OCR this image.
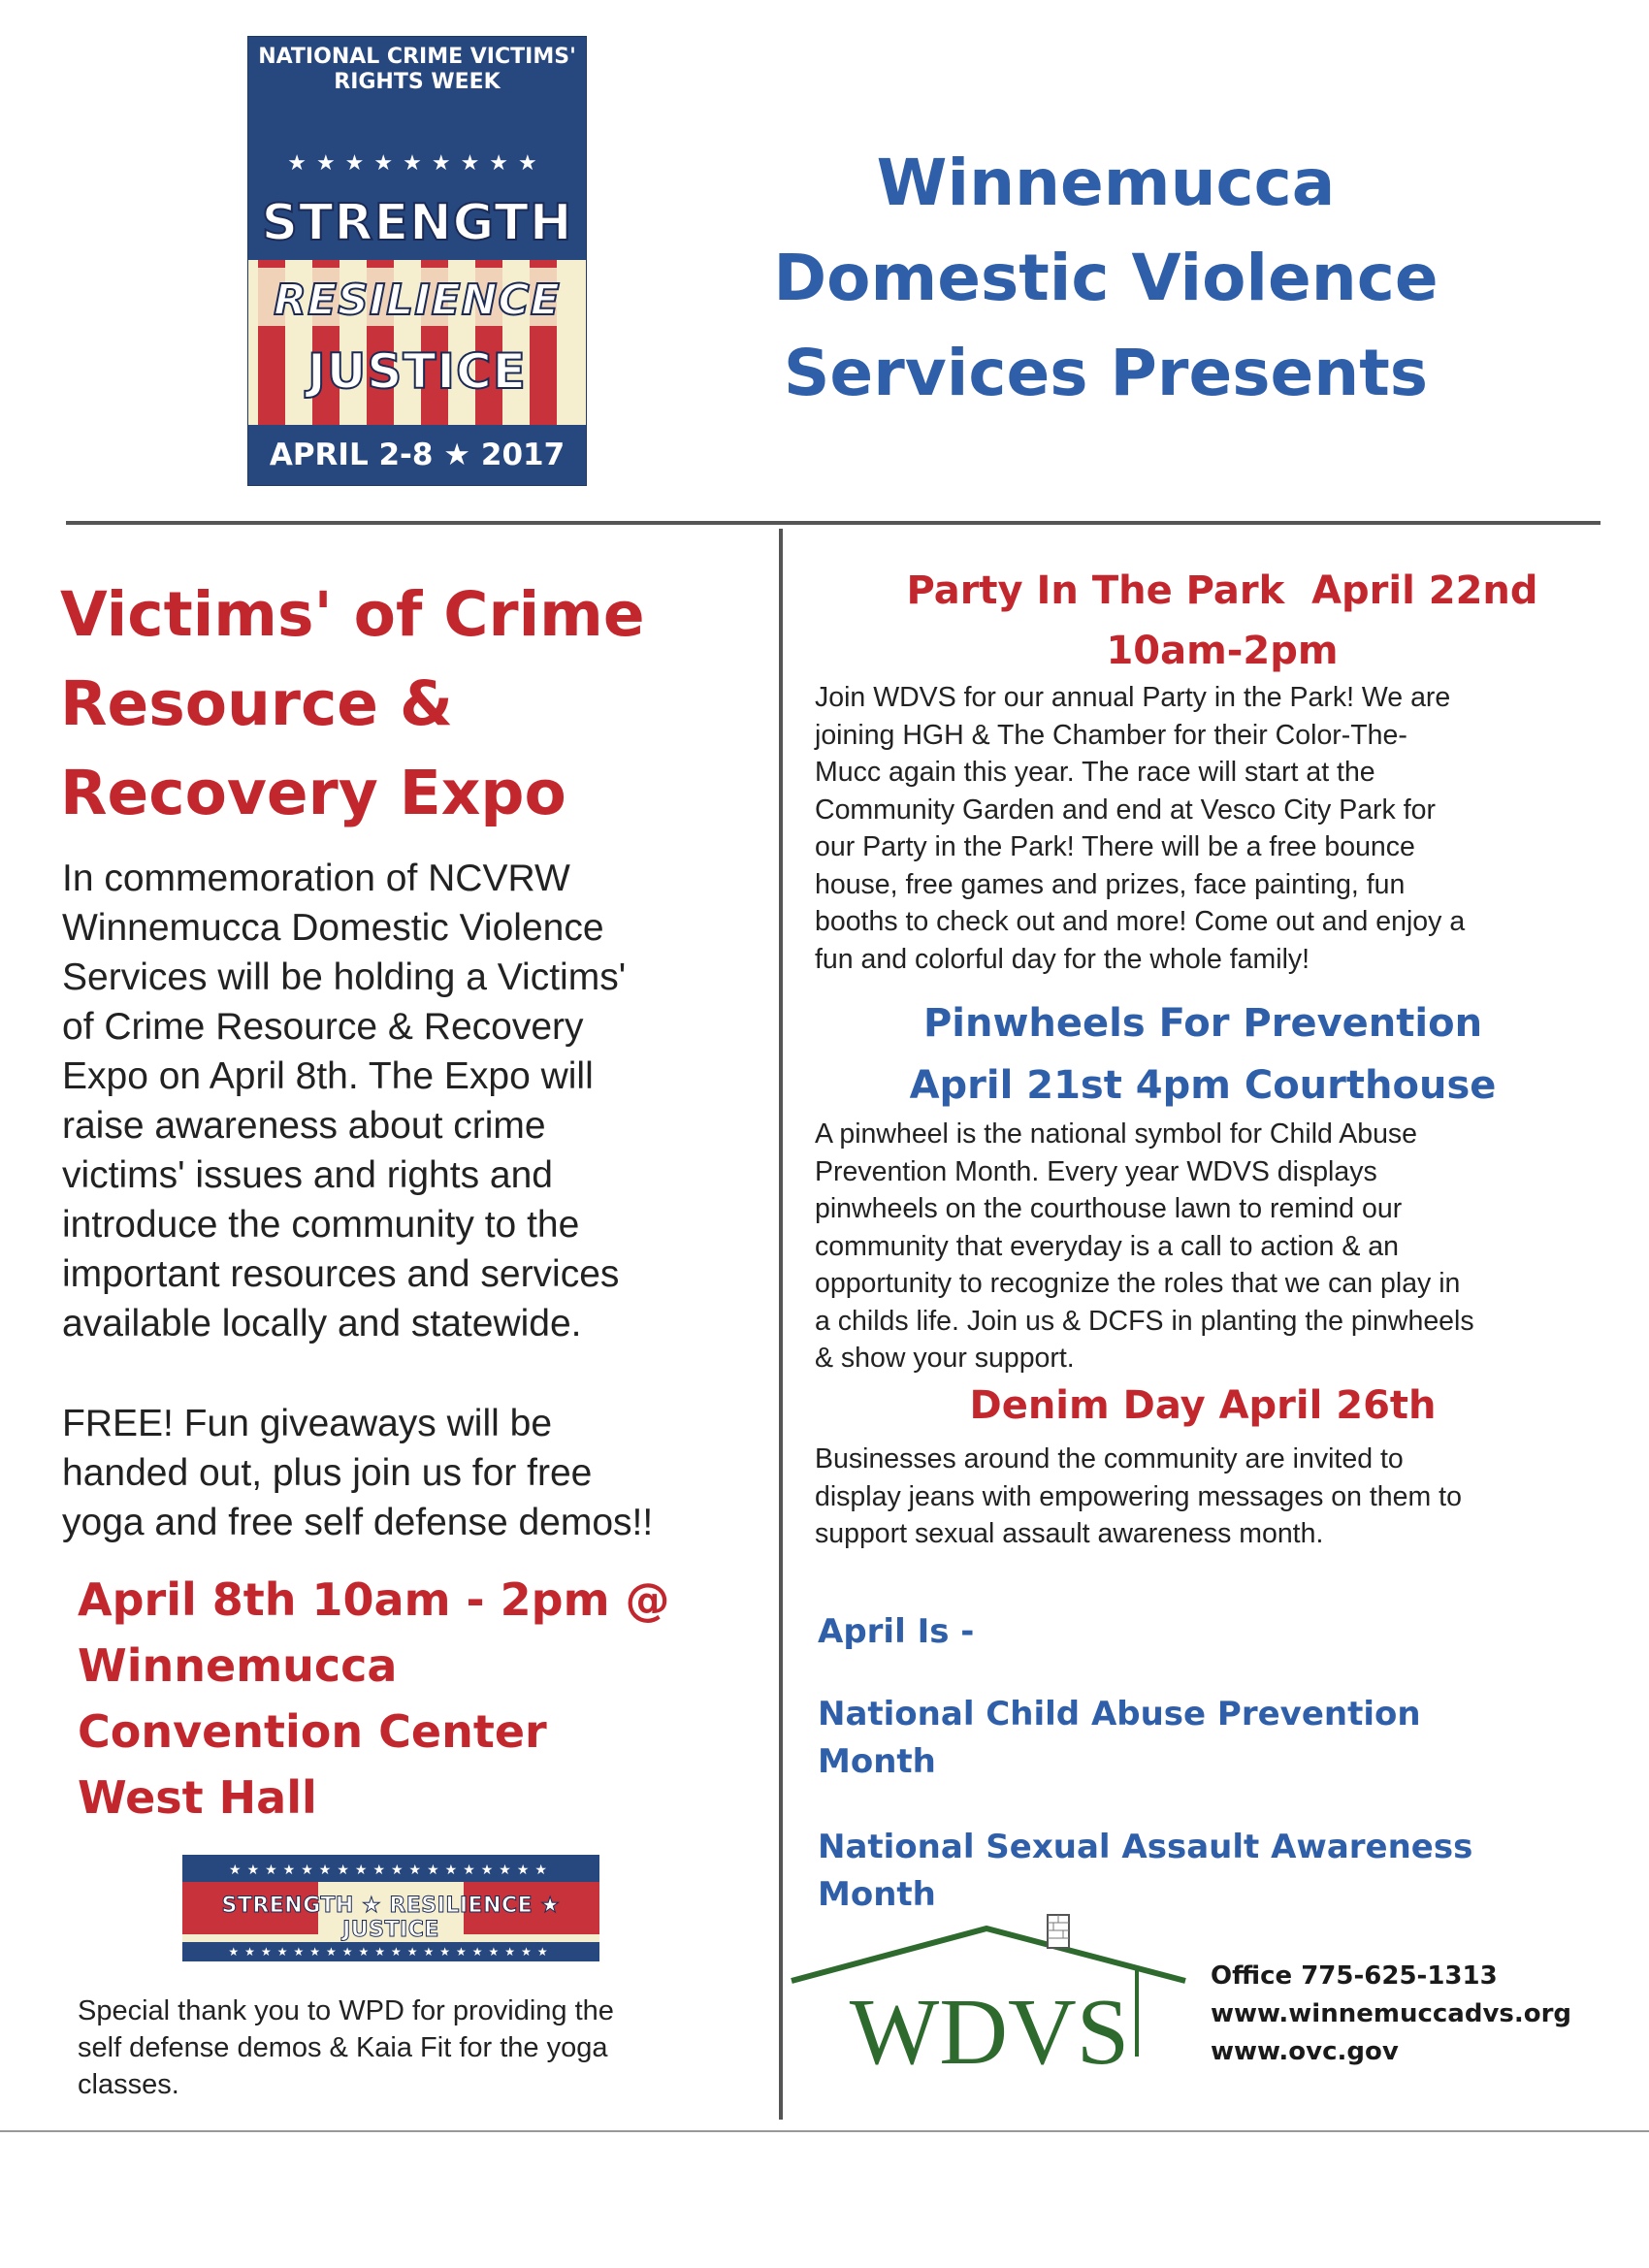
NATIONAL CRIME VICTIMS'
RIGHTS WEEK
★★★★★★★★★
STRENGTH
RESILIENCE
JUSTICE
APRIL 2-8 ★ 2017
Winnemucca
Domestic Violence
Services Presents
Victims' of Crime
Resource &
Recovery Expo
In commemoration of NCVRW
Winnemucca Domestic Violence
Services will be holding a Victims'
of Crime Resource & Recovery
Expo on April 8th. The Expo will
raise awareness about crime
victims' issues and rights and
introduce the community to the
important resources and services
available locally and statewide.
FREE! Fun giveaways will be
handed out, plus join us for free
yoga and free self defense demos!!
April 8th 10am - 2pm @
Winnemucca
Convention Center
West Hall
★★★★★★★★★★★★★★★★★★
★★★★★★★★★★★★★★★★★★★★
STRENGTH ★ RESILIENCE ★ JUSTICE
Special thank you to WPD for providing the
self defense demos & Kaia Fit for the yoga
classes.
Party In The Park  April 22nd
10am-2pm
Join WDVS for our annual Party in the Park! We are
joining HGH & The Chamber for their Color-The-
Mucc again this year. The race will start at the
Community Garden and end at Vesco City Park for
our Party in the Park! There will be a free bounce
house, free games and prizes, face painting, fun
booths to check out and more! Come out and enjoy a
fun and colorful day for the whole family!
Pinwheels For Prevention
April 21st 4pm Courthouse
A pinwheel is the national symbol for Child Abuse
Prevention Month. Every year WDVS displays
pinwheels on the courthouse lawn to remind our
community that everyday is a call to action & an
opportunity to recognize the roles that we can play in
a childs life. Join us & DCFS in planting the pinwheels
& show your support.
Denim Day April 26th
Businesses around the community are invited to
display jeans with empowering messages on them to
support sexual assault awareness month.
April Is -
National Child Abuse Prevention
Month
National Sexual Assault Awareness
Month
WDVS
Office 775-625-1313
www.winnemuccadvs.org
www.ovc.gov
